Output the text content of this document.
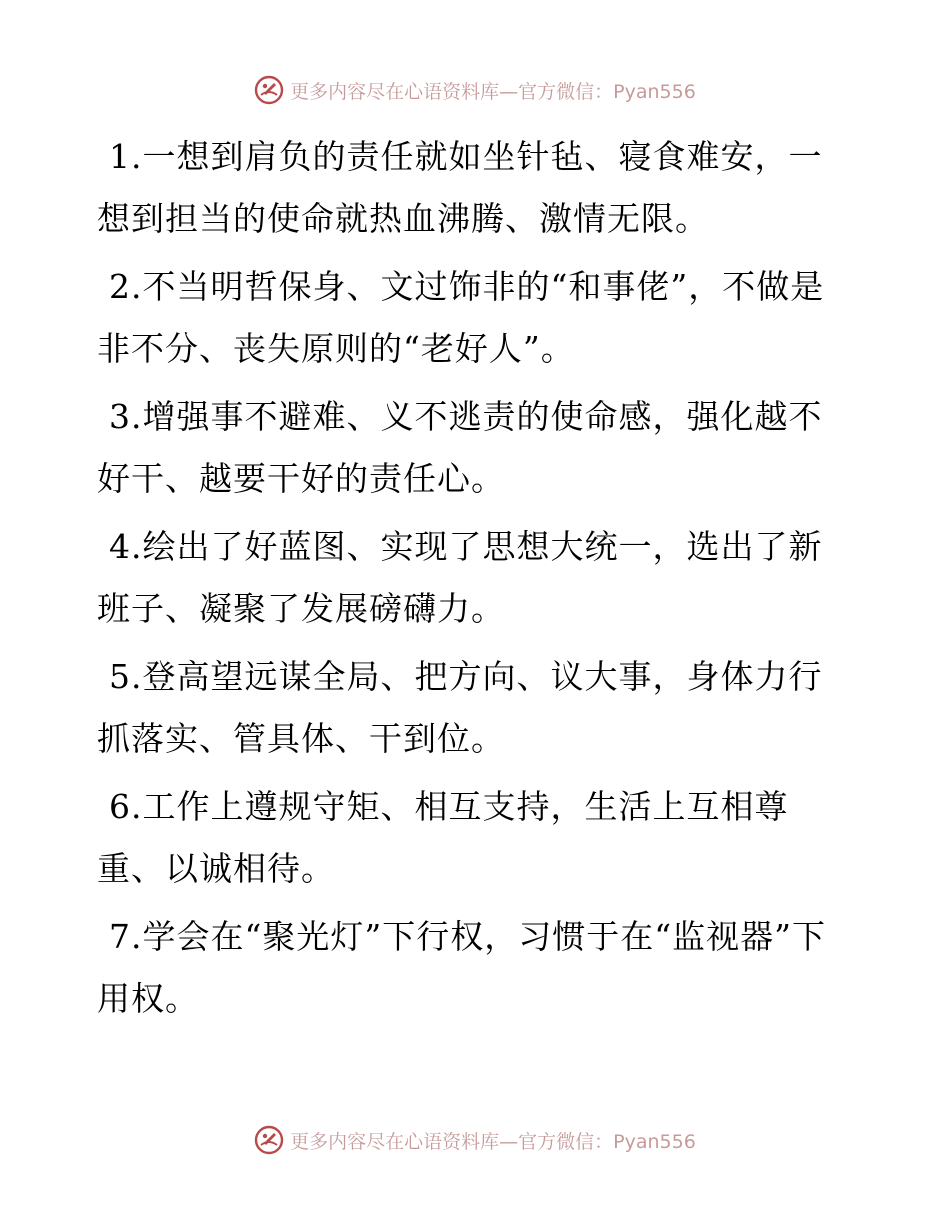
更多内容尽在心语资料库—官方微信：Pyan556

1.一想到肩负的责任就如坐针毡、寝食难安，一想到担当的使命就热血沸腾、激情无限。

2.不当明哲保身、文过饰非的“和事佬”，不做是非不分、丧失原则的“老好人”。

3.增强事不避难、义不逃责的使命感，强化越不好干、越要干好的责任心。

4.绘出了好蓝图、实现了思想大统一，选出了新班子、凝聚了发展磅礴力。

5.登高望远谋全局、把方向、议大事，身体力行抓落实、管具体、干到位。

6.工作上遵规守矩、相互支持，生活上互相尊重、以诚相待。

7.学会在“聚光灯”下行权，习惯于在“监视器”下用权。

更多内容尽在心语资料库—官方微信：Pyan556
